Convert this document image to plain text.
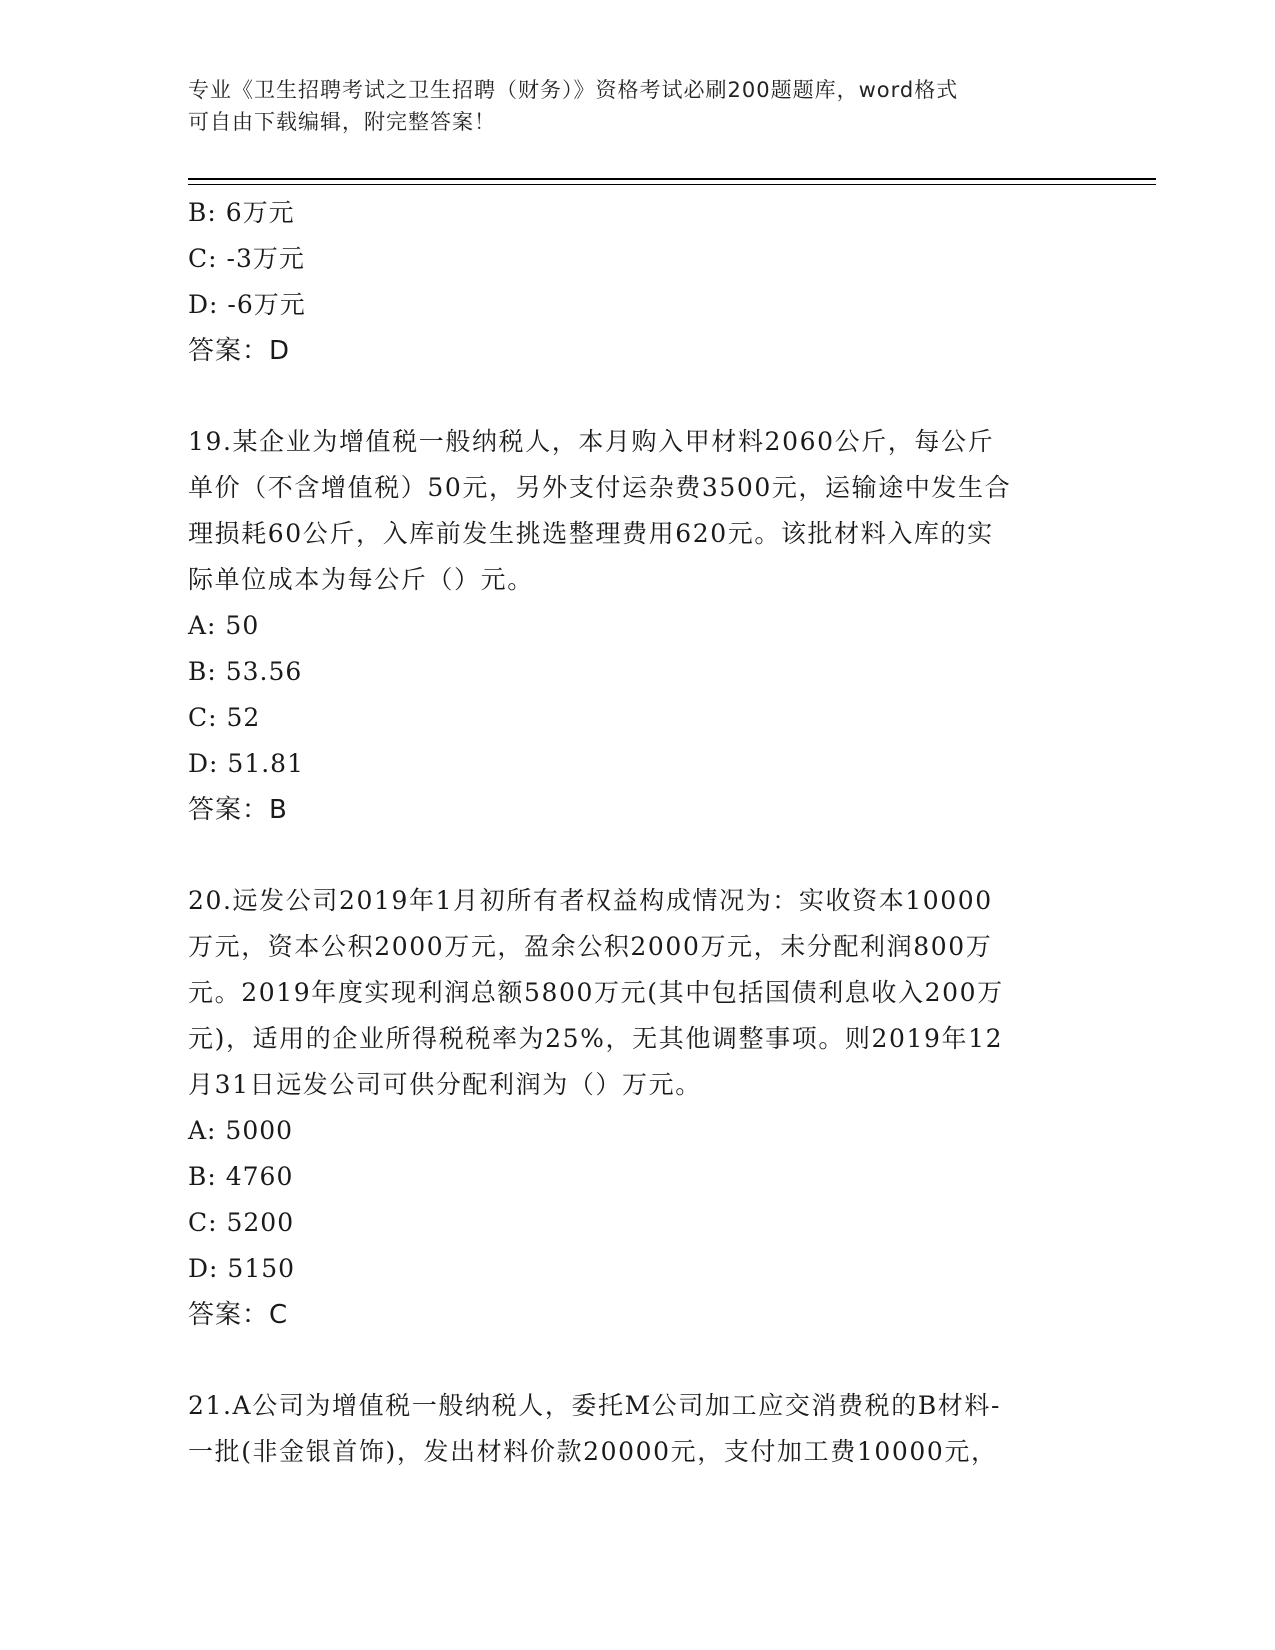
专业《卫生招聘考试之卫生招聘（财务）》资格考试必刷200题题库，word格式
可自由下载编辑，附完整答案！
B: 6万元
C: -3万元
D: -6万元
答案：D
19.某企业为增值税一般纳税人，本月购入甲材料2060公斤，每公斤
单价（不含增值税）50元，另外支付运杂费3500元，运输途中发生合
理损耗60公斤，入库前发生挑选整理费用620元。该批材料入库的实
际单位成本为每公斤（）元。
A: 50
B: 53.56
C: 52
D: 51.81
答案：B
20.远发公司2019年1月初所有者权益构成情况为：实收资本10000
万元，资本公积2000万元，盈余公积2000万元，未分配利润800万
元。2019年度实现利润总额5800万元(其中包括国债利息收入200万
元)，适用的企业所得税税率为25%，无其他调整事项。则2019年12
月31日远发公司可供分配利润为（）万元。
A: 5000
B: 4760
C: 5200
D: 5150
答案：C
21.A公司为增值税一般纳税人，委托M公司加工应交消费税的B材料-
一批(非金银首饰)，发出材料价款20000元，支付加工费10000元，
